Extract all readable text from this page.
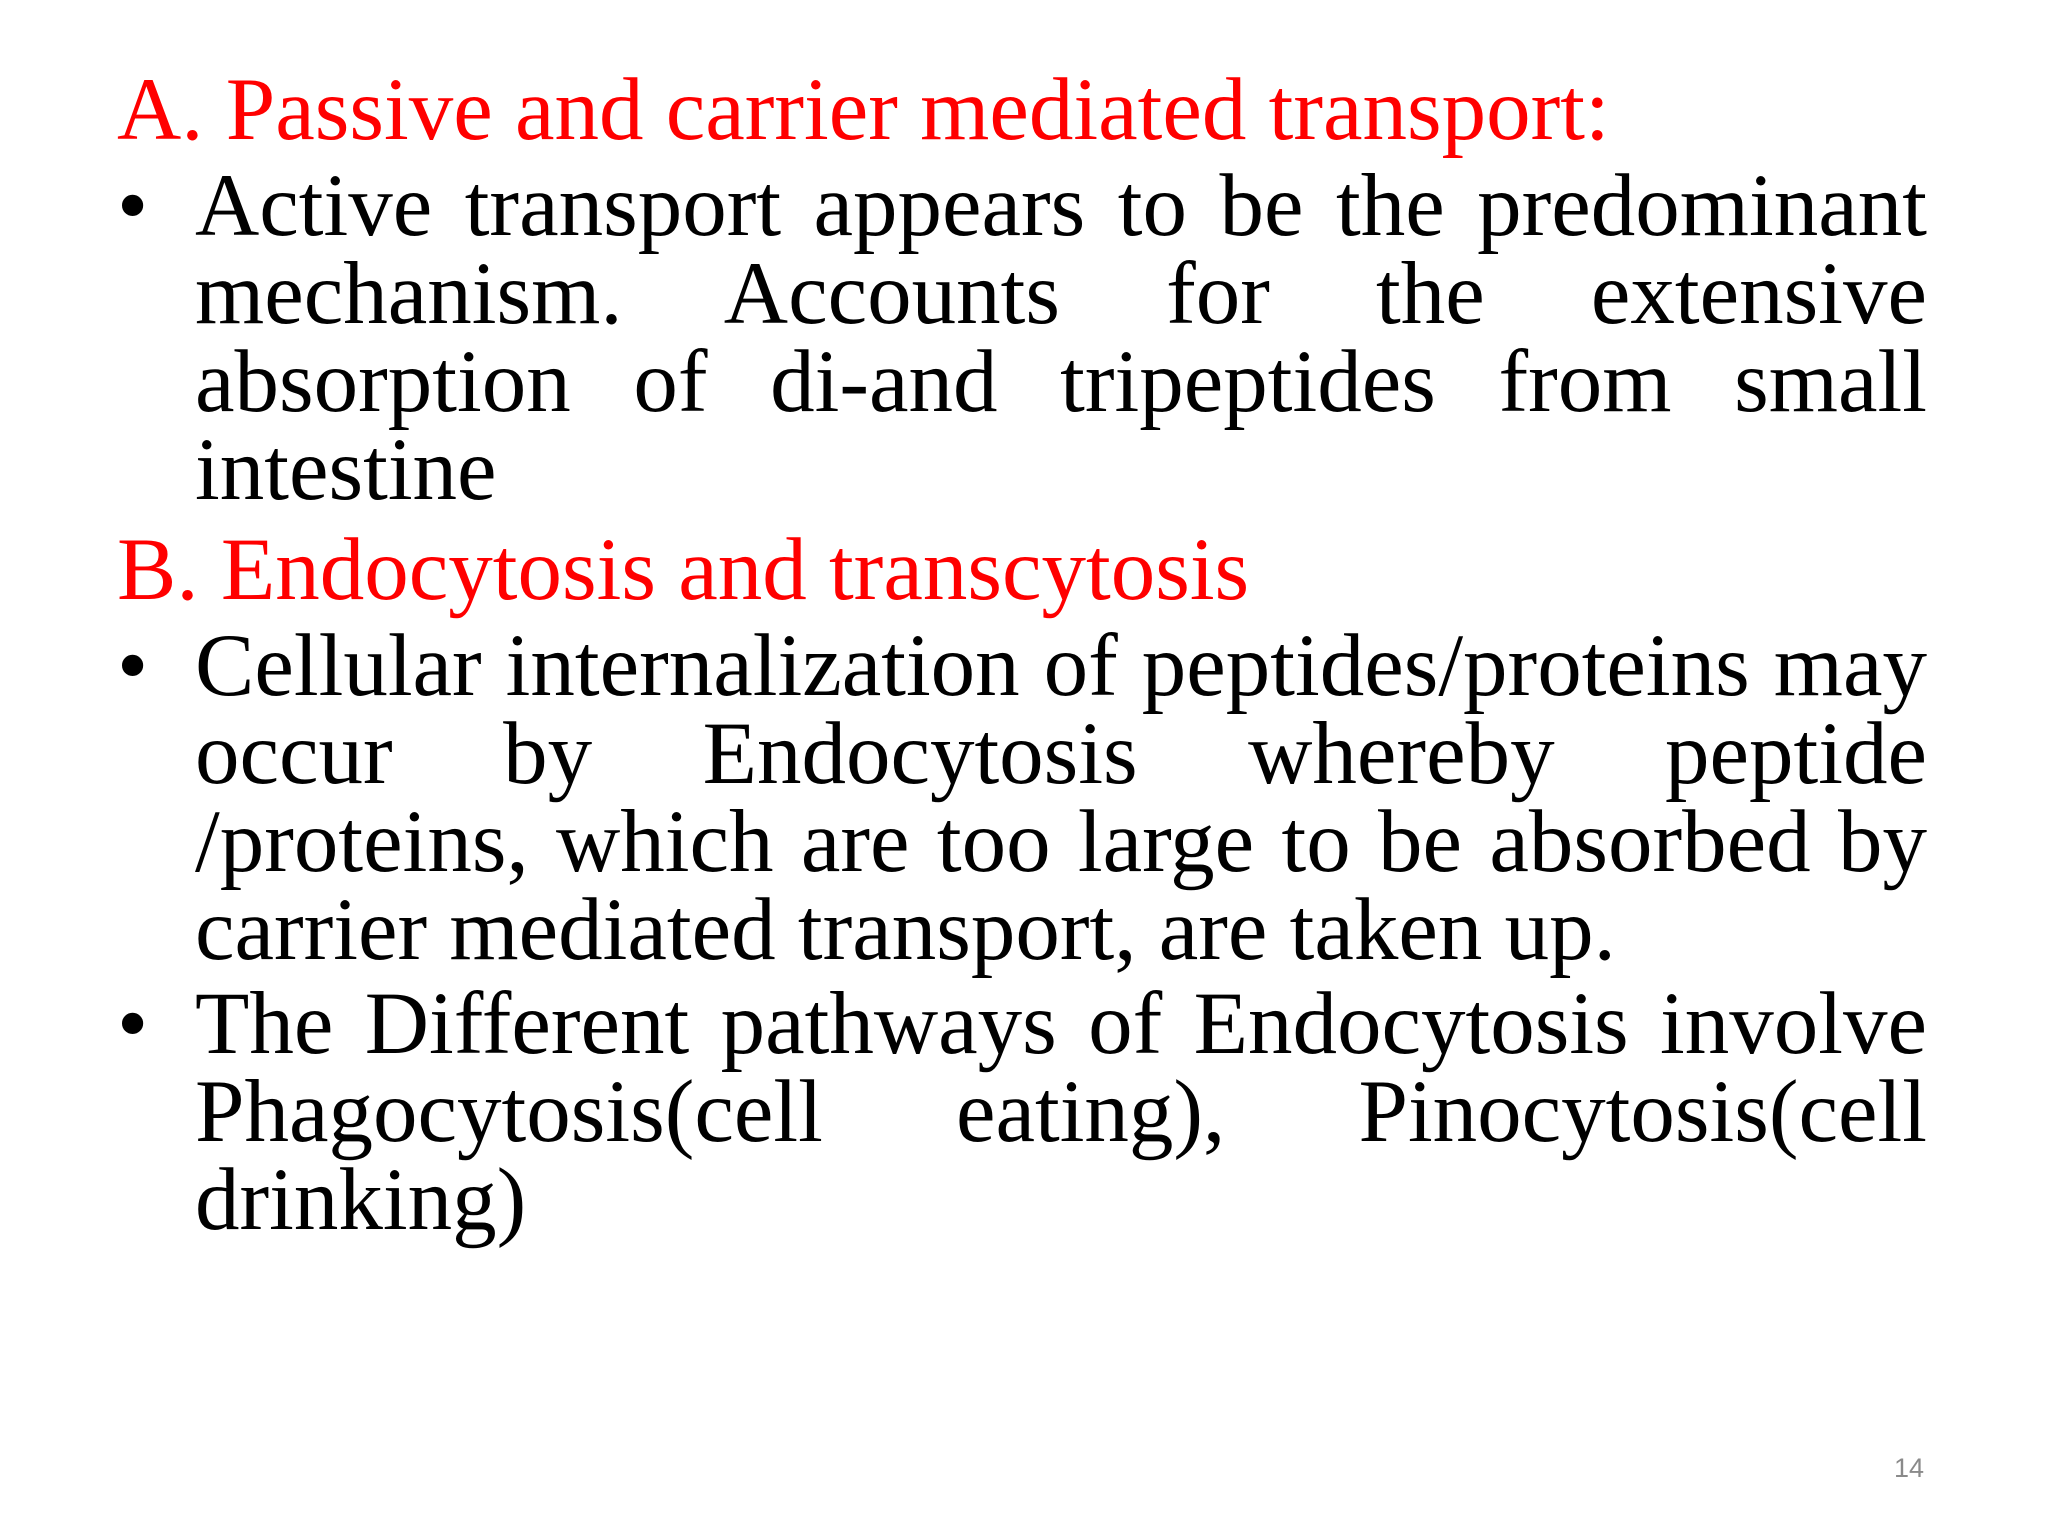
A. Passive and carrier mediated transport:
• Active transport appears to be the predominant mechanism. Accounts for the extensive absorption of di-and tripeptides from small intestine
B. Endocytosis and transcytosis
• Cellular internalization of peptides/proteins may occur by Endocytosis whereby peptide /proteins, which are too large to be absorbed by carrier mediated transport, are taken up.
• The Different pathways of Endocytosis involve Phagocytosis(cell eating), Pinocytosis(cell drinking)
14
